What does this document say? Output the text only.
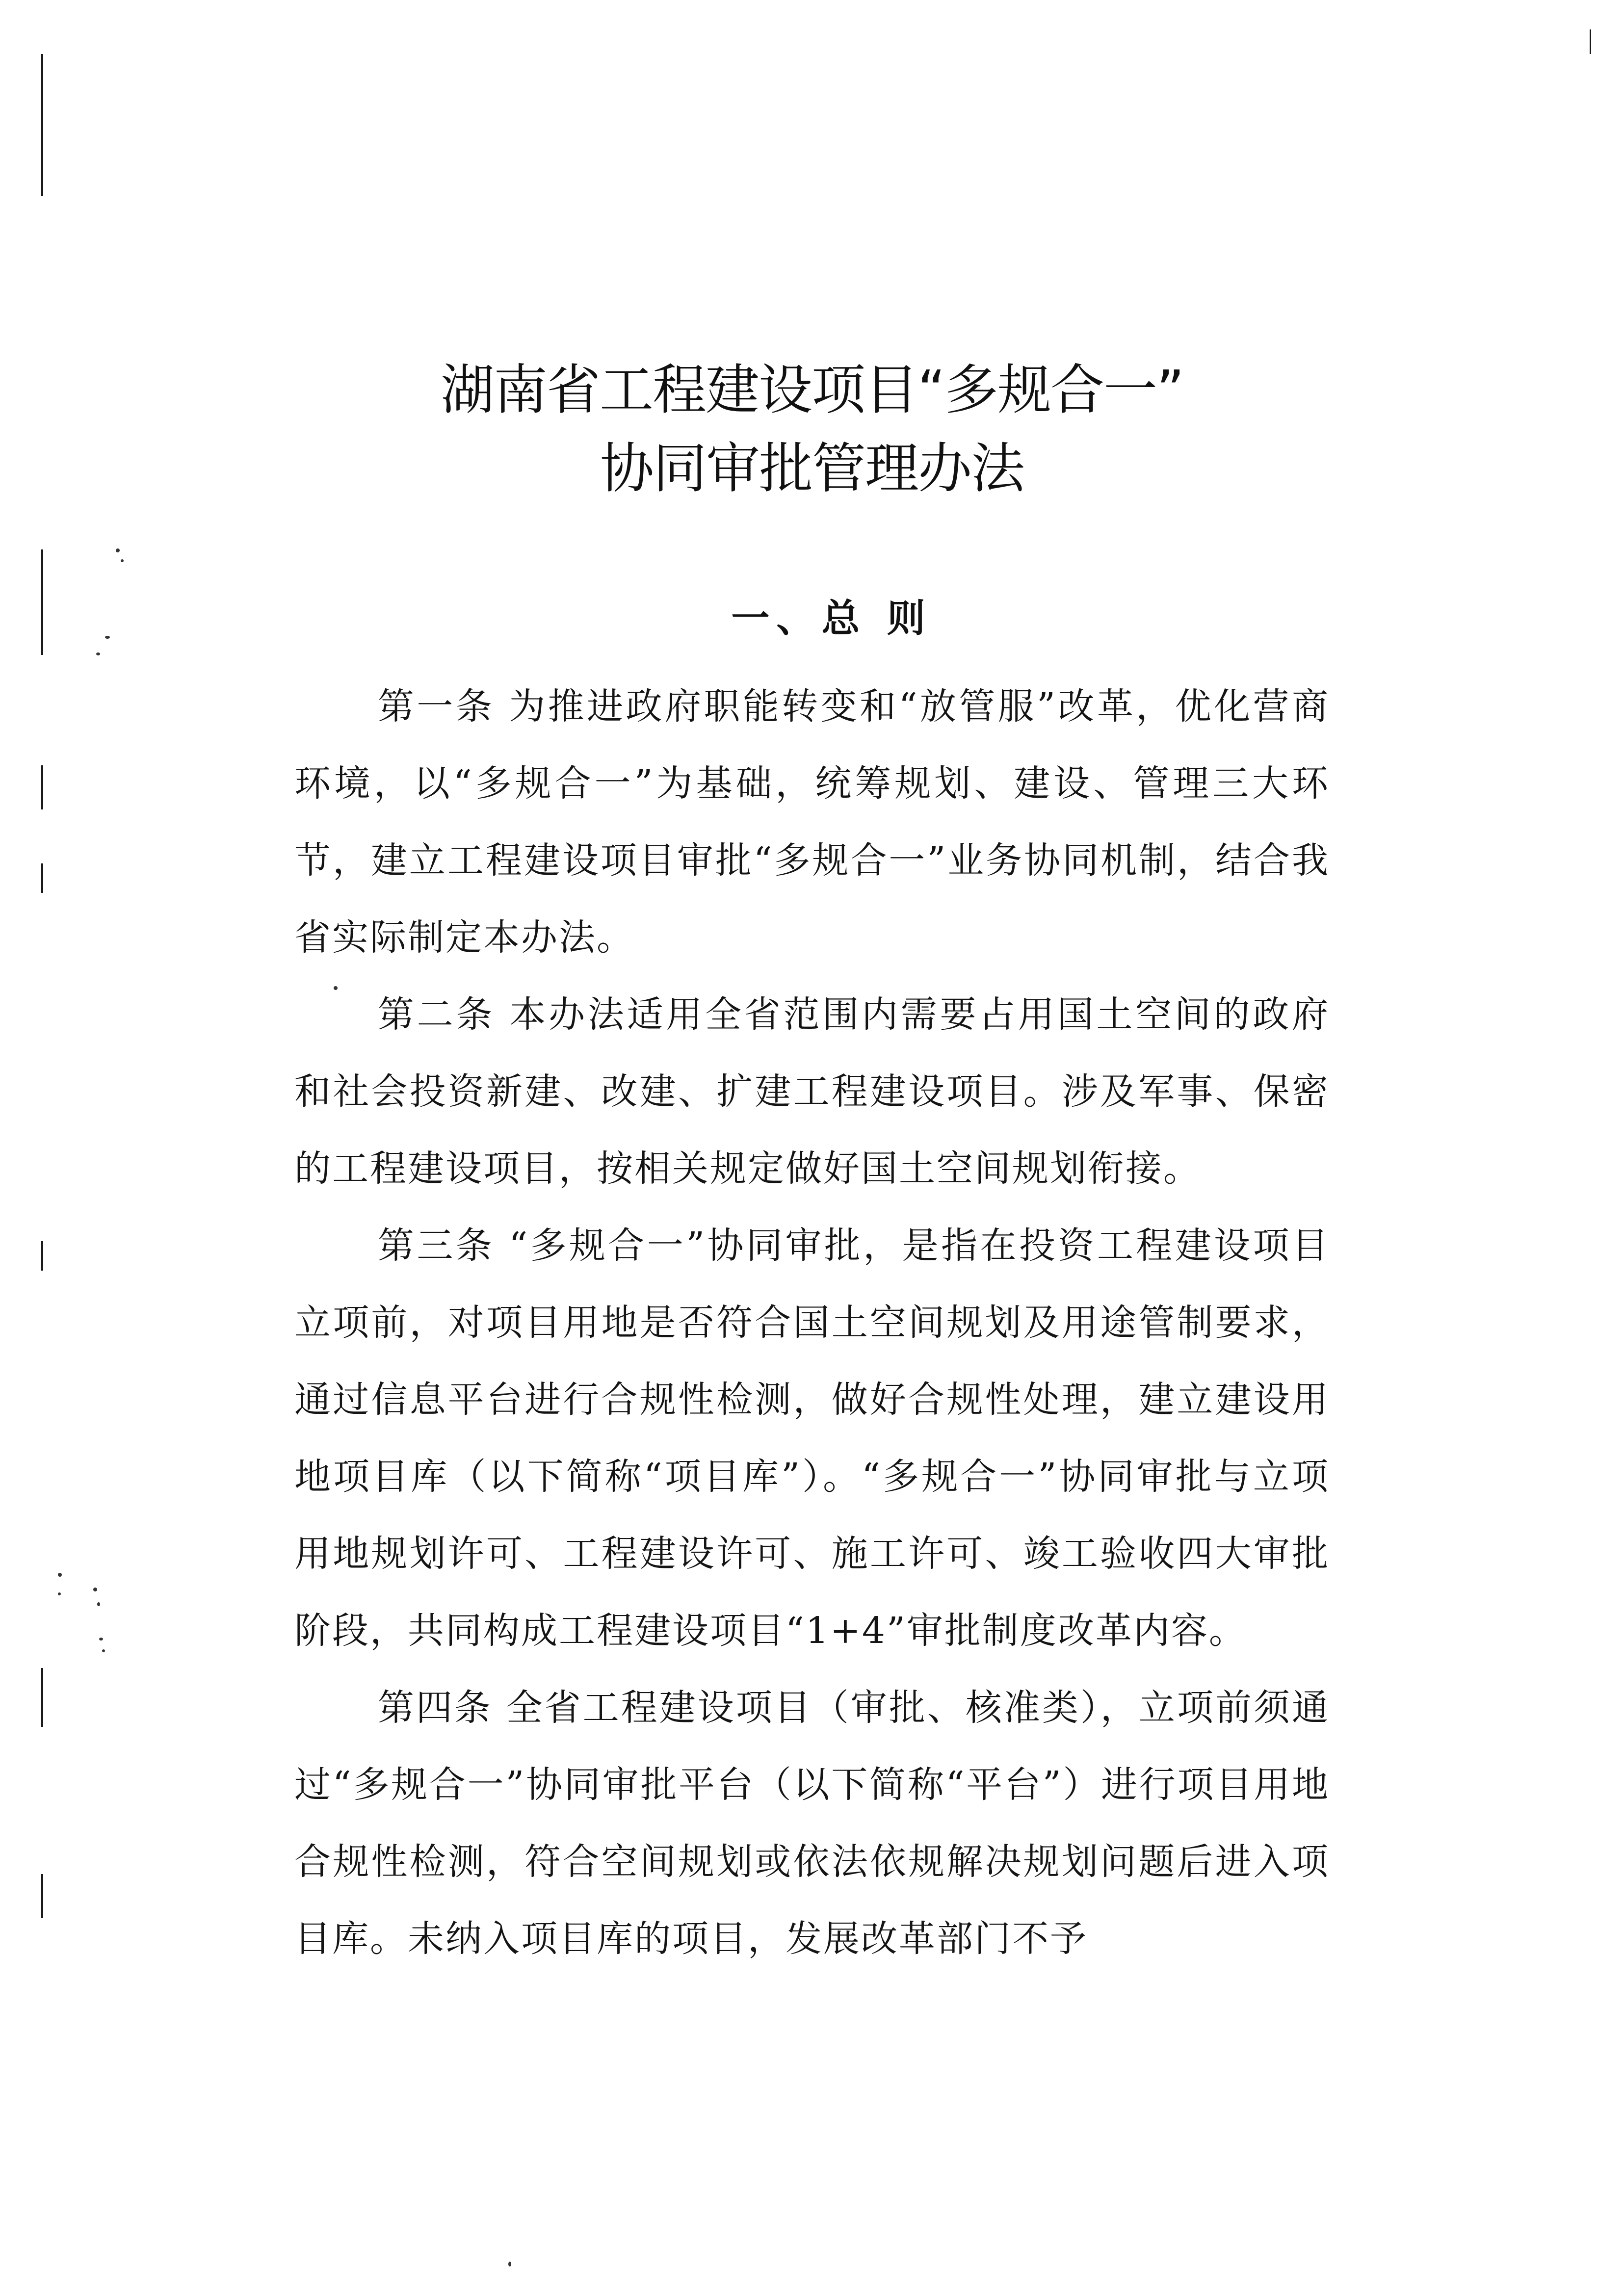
湖南省工程建设项目“多规合一”
协同审批管理办法
一、总 则

第一条 为推进政府职能转变和“放管服”改革，优化营商环境，以“多规合一”为基础，统筹规划、建设、管理三大环节，建立工程建设项目审批“多规合一”业务协同机制，结合我省实际制定本办法。

第二条 本办法适用全省范围内需要占用国土空间的政府和社会投资新建、改建、扩建工程建设项目。涉及军事、保密的工程建设项目，按相关规定做好国土空间规划衔接。

第三条 “多规合一”协同审批，是指在投资工程建设项目立项前，对项目用地是否符合国土空间规划及用途管制要求，通过信息平台进行合规性检测，做好合规性处理，建立建设用地项目库（以下简称“项目库”）。“多规合一”协同审批与立项用地规划许可、工程建设许可、施工许可、竣工验收四大审批阶段，共同构成工程建设项目“1+4”审批制度改革内容。

第四条 全省工程建设项目（审批、核准类），立项前须通过“多规合一”协同审批平台（以下简称“平台”）进行项目用地合规性检测，符合空间规划或依法依规解决规划问题后进入项目库。未纳入项目库的项目，发展改革部门不予
